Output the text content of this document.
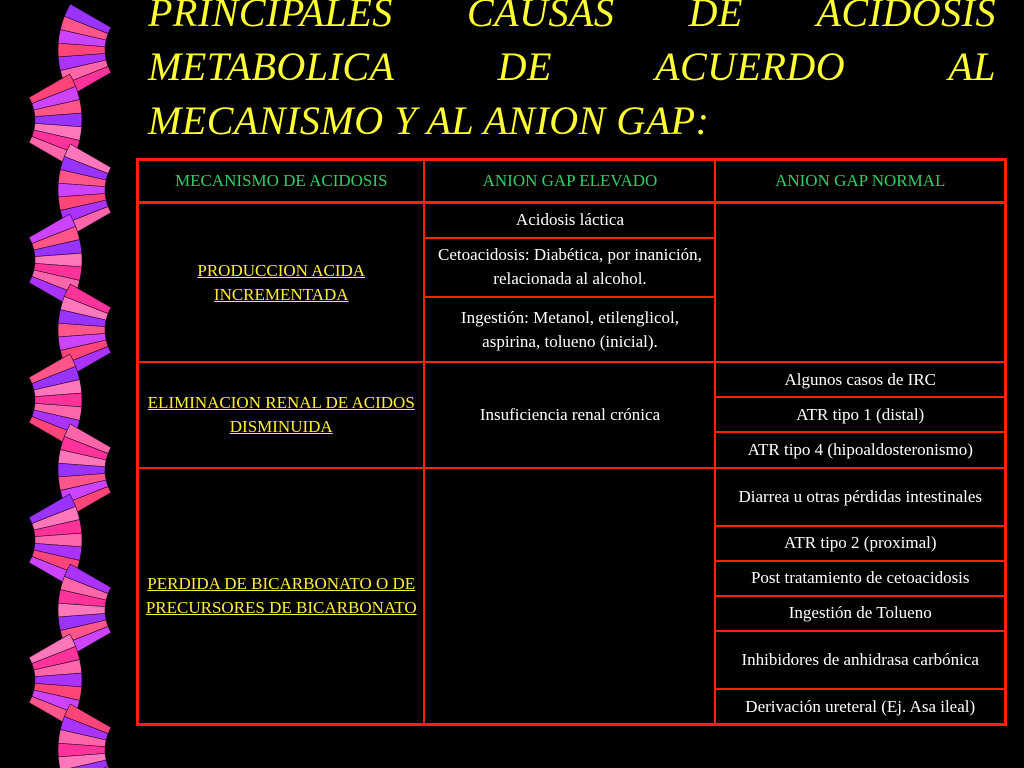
PRINCIPALES CAUSAS DE ACIDOSIS
METABOLICA DE ACUERDO AL
MECANISMO Y AL ANION GAP:
MECANISMO DE ACIDOSIS	ANION GAP ELEVADO	ANION GAP NORMAL
PRODUCCION ACIDA INCREMENTADA	Acidosis láctica	
	Cetoacidosis: Diabética, por inanición, relacionada al alcohol.	
	Ingestión: Metanol, etilenglicol, aspirina, tolueno (inicial).	
ELIMINACION RENAL DE ACIDOS DISMINUIDA	Insuficiencia renal crónica	Algunos casos de IRC
		ATR tipo 1 (distal)
		ATR tipo 4 (hipoaldosteronismo)
PERDIDA DE BICARBONATO O DE PRECURSORES DE BICARBONATO		Diarrea u otras pérdidas intestinales
		ATR tipo 2 (proximal)
		Post tratamiento de cetoacidosis
		Ingestión de Tolueno
		Inhibidores de anhidrasa carbónica
		Derivación ureteral (Ej. Asa ileal)
